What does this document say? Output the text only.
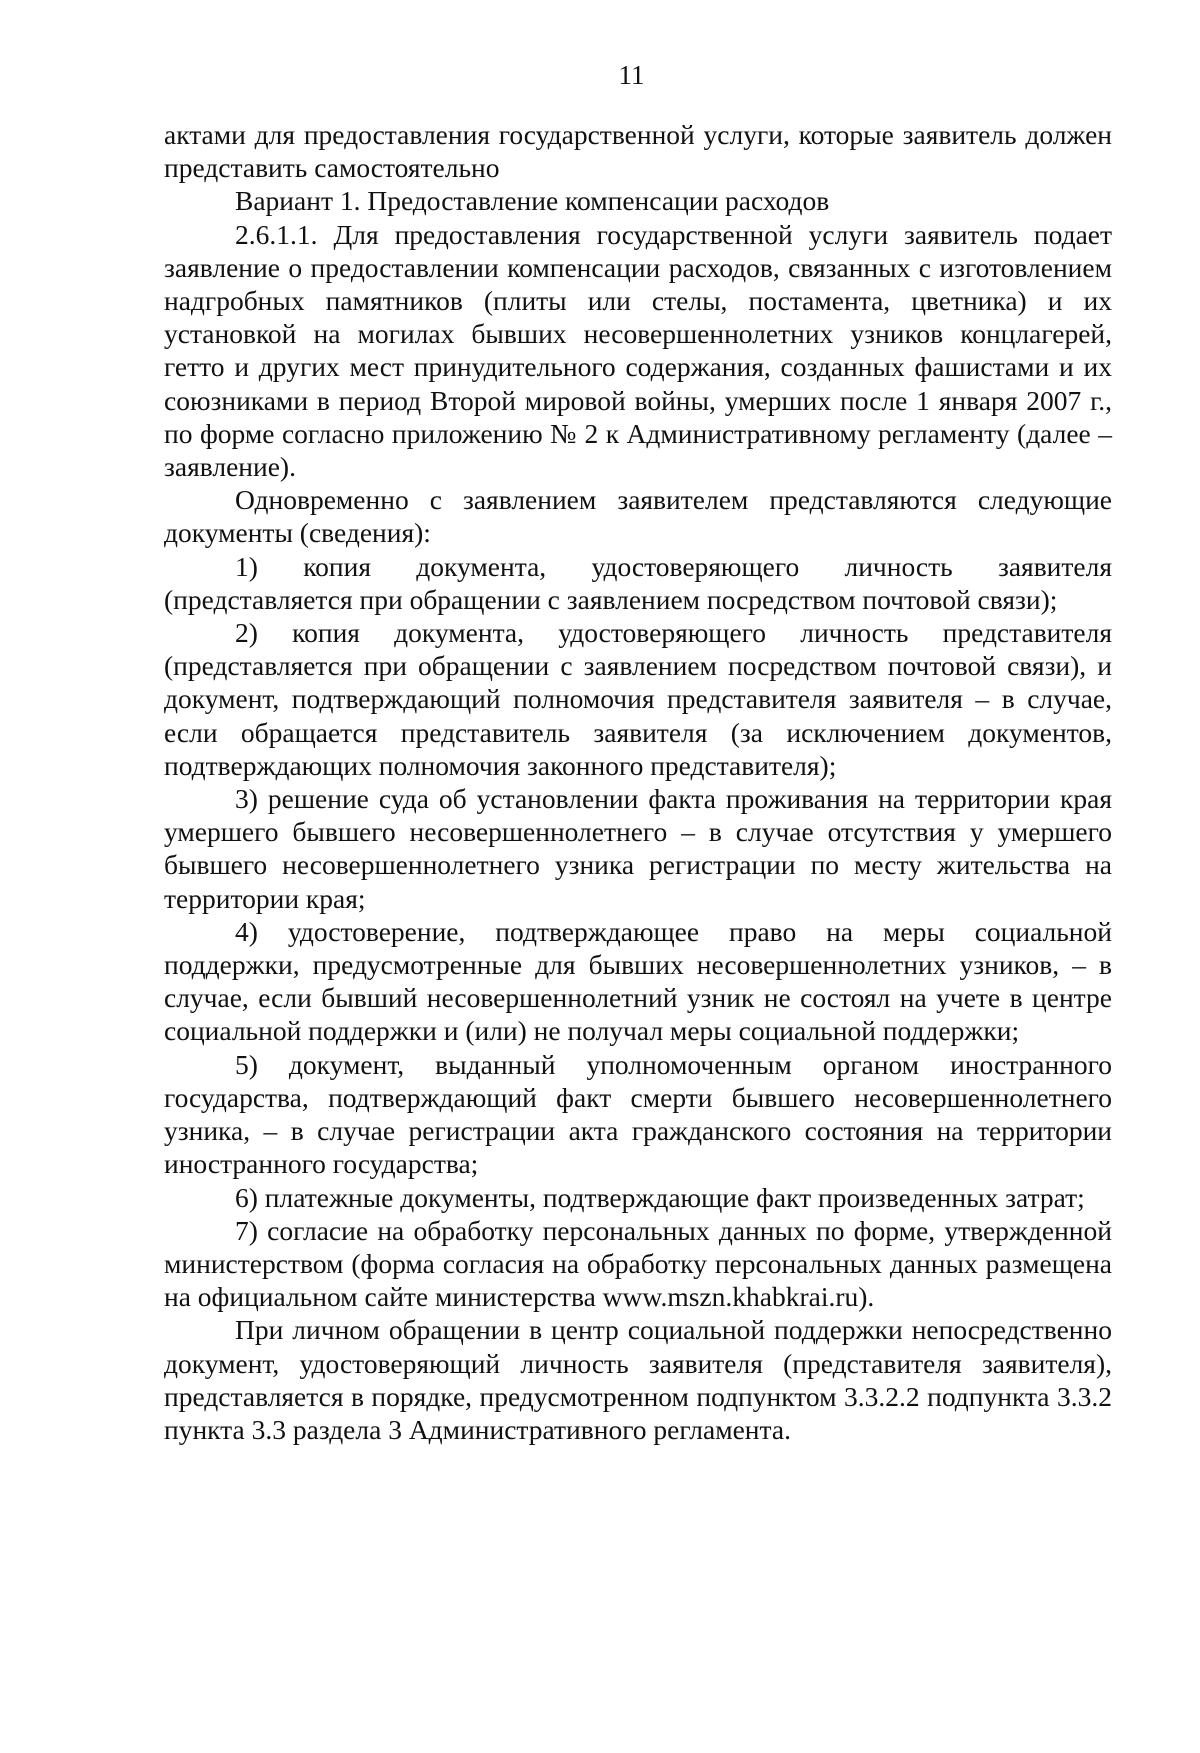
11

актами для предоставления государственной услуги, которые заявитель должен представить самостоятельно

Вариант 1. Предоставление компенсации расходов

2.6.1.1. Для предоставления государственной услуги заявитель подает заявление о предоставлении компенсации расходов, связанных с изготовлением надгробных памятников (плиты или стелы, постамента, цветника) и их установкой на могилах бывших несовершеннолетних узников концлагерей, гетто и других мест принудительного содержания, созданных фашистами и их союзниками в период Второй мировой войны, умерших после 1 января 2007 г., по форме согласно приложению № 2 к Административному регламенту (далее – заявление).

Одновременно с заявлением заявителем представляются следующие документы (сведения):

1) копия документа, удостоверяющего личность заявителя (представляется при обращении с заявлением посредством почтовой связи);

2) копия документа, удостоверяющего личность представителя (представляется при обращении с заявлением посредством почтовой связи), и документ, подтверждающий полномочия представителя заявителя – в случае, если обращается представитель заявителя (за исключением документов, подтверждающих полномочия законного представителя);

3) решение суда об установлении факта проживания на территории края умершего бывшего несовершеннолетнего – в случае отсутствия у умершего бывшего несовершеннолетнего узника регистрации по месту жительства на территории края;

4) удостоверение, подтверждающее право на меры социальной поддержки, предусмотренные для бывших несовершеннолетних узников, – в случае, если бывший несовершеннолетний узник не состоял на учете в центре социальной поддержки и (или) не получал меры социальной поддержки;

5) документ, выданный уполномоченным органом иностранного государства, подтверждающий факт смерти бывшего несовершеннолетнего узника, – в случае регистрации акта гражданского состояния на территории иностранного государства;

6) платежные документы, подтверждающие факт произведенных затрат;

7) согласие на обработку персональных данных по форме, утвержденной министерством (форма согласия на обработку персональных данных размещена на официальном сайте министерства www.mszn.khabkrai.ru).

При личном обращении в центр социальной поддержки непосредственно документ, удостоверяющий личность заявителя (представителя заявителя), представляется в порядке, предусмотренном подпунктом 3.3.2.2 подпункта 3.3.2 пункта 3.3 раздела 3 Административного регламента.
